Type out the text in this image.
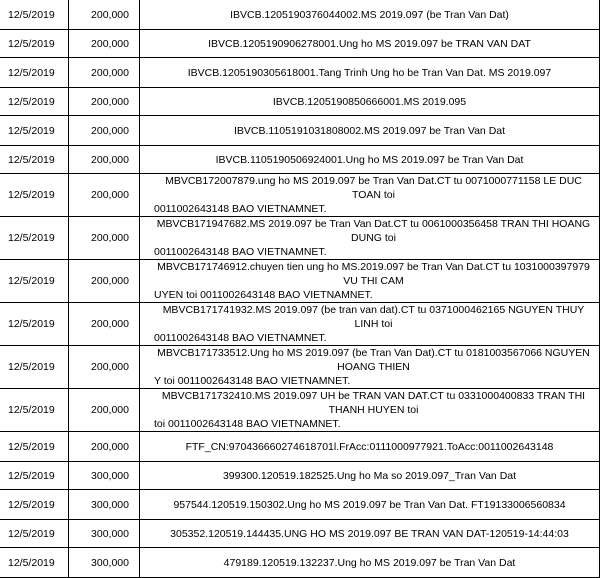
12/5/2019	200,000	IBVCB.1205190376044002.MS 2019.097 (be Tran Van Dat)
12/5/2019	200,000	IBVCB.1205190906278001.Ung ho MS 2019.097 be TRAN VAN DAT
12/5/2019	200,000	IBVCB.1205190305618001.Tang Trinh Ung ho be Tran Van Dat. MS 2019.097
12/5/2019	200,000	IBVCB.1205190850666001.MS 2019.095
12/5/2019	200,000	IBVCB.1105191031808002.MS 2019.097 be Tran Van Dat
12/5/2019	200,000	IBVCB.1105190506924001.Ung ho MS 2019.097 be Tran Van Dat
12/5/2019	200,000	MBVCB172007879.ung ho MS 2019.097 be Tran Van Dat.CT tu 0071000771158 LE DUC TOAN toi
0011002643148 BAO VIETNAMNET.

12/5/2019	200,000	MBVCB171947682.MS 2019.097 be Tran Van Dat.CT tu 0061000356458 TRAN THI HOANG DUNG toi
0011002643148 BAO VIETNAMNET.

12/5/2019	200,000	MBVCB171746912.chuyen tien ung ho MS.2019.097 be Tran Van Dat.CT tu 1031000397979 VU THI CAM
UYEN toi 0011002643148 BAO VIETNAMNET.

12/5/2019	200,000	MBVCB171741932.MS 2019.097 (be tran van dat).CT tu 0371000462165 NGUYEN THUY LINH toi
0011002643148 BAO VIETNAMNET.

12/5/2019	200,000	MBVCB171733512.Ung ho MS 2019.097 (be Tran Van Dat).CT tu 0181003567066 NGUYEN HOANG THIEN
Y toi 0011002643148 BAO VIETNAMNET.

12/5/2019	200,000	MBVCB171732410.MS 2019.097 UH be TRAN VAN DAT.CT tu 0331000400833 TRAN THI THANH HUYEN toi
toi 0011002643148 BAO VIETNAMNET.

12/5/2019	200,000	FTF_CN:970436660274618701l.FrAcc:0111000977921.ToAcc:0011002643148
12/5/2019	300,000	399300.120519.182525.Ung ho Ma so 2019.097_Tran Van Dat
12/5/2019	300,000	957544.120519.150302.Ung ho MS 2019.097 be Tran Van Dat. FT19133006560834
12/5/2019	300,000	305352.120519.144435.UNG HO MS 2019.097 BE TRAN VAN DAT-120519-14:44:03
12/5/2019	300,000	479189.120519.132237.Ung ho MS 2019.097 be Tran Van Dat
